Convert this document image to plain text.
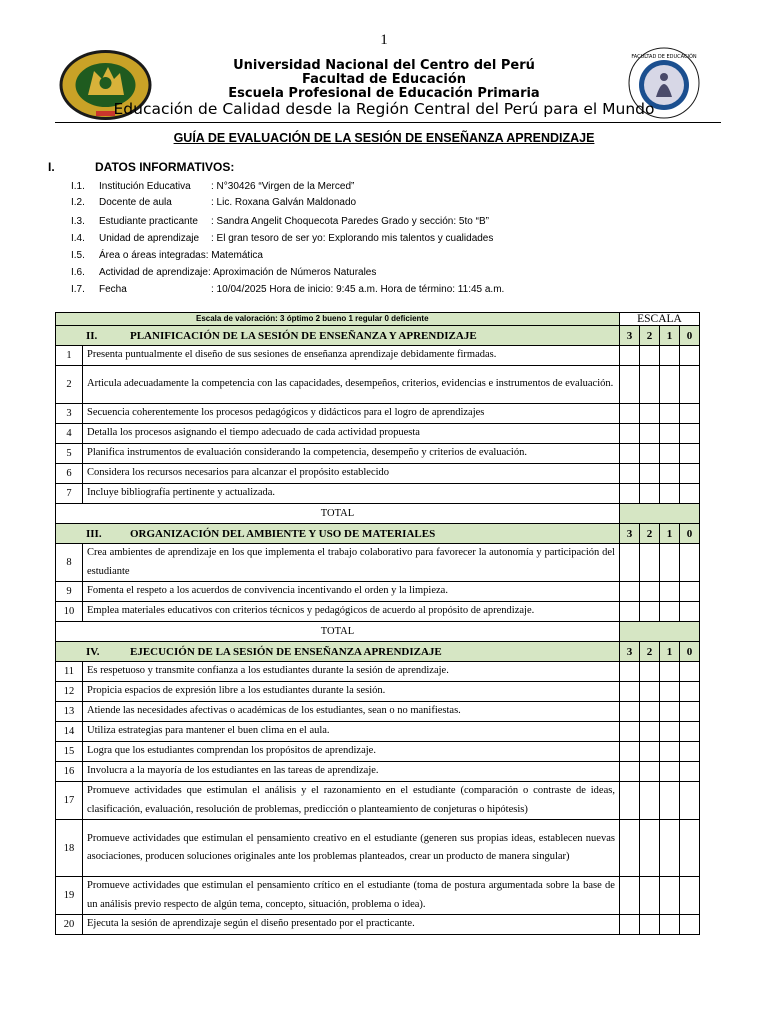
1
FACULTAD DE EDUCACIÓN
Universidad Nacional del Centro del Perú
Facultad de Educación
Escuela Profesional de Educación Primaria
Educación de Calidad desde la Región Central del Perú para el Mundo
GUÍA DE EVALUACIÓN DE LA SESIÓN DE ENSEÑANZA APRENDIZAJE
I.	DATOS INFORMATIVOS:
I.1. Institución Educativa : N°30426 “Virgen de la Merced”
I.2. Docente de aula	: Lic. Roxana Galván Maldonado
I.3. Estudiante practicante : Sandra Angelit Choquecota Paredes Grado y sección: 5to “B”
I.4. Unidad de aprendizaje : El gran tesoro de ser yo: Explorando mis talentos y cualidades
I.5. Área o áreas integradas: Matemática
I.6. Actividad de aprendizaje: Aproximación de Números Naturales
I.7. Fecha	: 10/04/2025 Hora de inicio: 9:45 a.m. Hora de término: 11:45 a.m.
Escala de valoración: 3 óptimo 2 bueno 1 regular 0 deficiente		ESCALA			
II. PLANIFICACIÓN DE LA SESIÓN DE ENSEÑANZA Y APRENDIZAJE		3	2	1	0
1	Presenta puntualmente el diseño de sus sesiones de enseñanza aprendizaje debidamente firmadas.				
2	Articula adecuadamente la competencia con las capacidades, desempeños, criterios, evidencias e instrumentos de evaluación.				
3	Secuencia coherentemente los procesos pedagógicos y didácticos para el logro de aprendizajes				
4	Detalla los procesos asignando el tiempo adecuado de cada actividad propuesta				
5	Planifica instrumentos de evaluación considerando la competencia, desempeño y criterios de evaluación.				
6	Considera los recursos necesarios para alcanzar el propósito establecido				
7	Incluye bibliografía pertinente y actualizada.				
TOTAL					
III. ORGANIZACIÓN DEL AMBIENTE Y USO DE MATERIALES		3	2	1	0
8	Crea ambientes de aprendizaje en los que implementa el trabajo colaborativo para favorecer la autonomía y participación del estudiante				
9	Fomenta el respeto a los acuerdos de convivencia incentivando el orden y la limpieza.				
10	Emplea materiales educativos con criterios técnicos y pedagógicos de acuerdo al propósito de aprendizaje.				
TOTAL					
IV. EJECUCIÓN DE LA SESIÓN DE ENSEÑANZA APRENDIZAJE		3	2	1	0
11	Es respetuoso y transmite confianza a los estudiantes durante la sesión de aprendizaje.				
12	Propicia espacios de expresión libre a los estudiantes durante la sesión.				
13	Atiende las necesidades afectivas o académicas de los estudiantes, sean o no manifiestas.				
14	Utiliza estrategias para mantener el buen clima en el aula.				
15	Logra que los estudiantes comprendan los propósitos de aprendizaje.				
16	Involucra a la mayoría de los estudiantes en las tareas de aprendizaje.				
17	Promueve actividades que estimulan el análisis y el razonamiento en el estudiante (comparación o contraste de ideas, clasificación, evaluación, resolución de problemas, predicción o planteamiento de conjeturas o hipótesis)				
18	Promueve actividades que estimulan el pensamiento creativo en el estudiante (generen sus propias ideas, establecen nuevas asociaciones, producen soluciones originales ante los problemas planteados, crear un producto de manera singular)				
19	Promueve actividades que estimulan el pensamiento crítico en el estudiante (toma de postura argumentada sobre la base de un análisis previo respecto de algún tema, concepto, situación, problema o idea).				
20	Ejecuta la sesión de aprendizaje según el diseño presentado por el practicante.				
